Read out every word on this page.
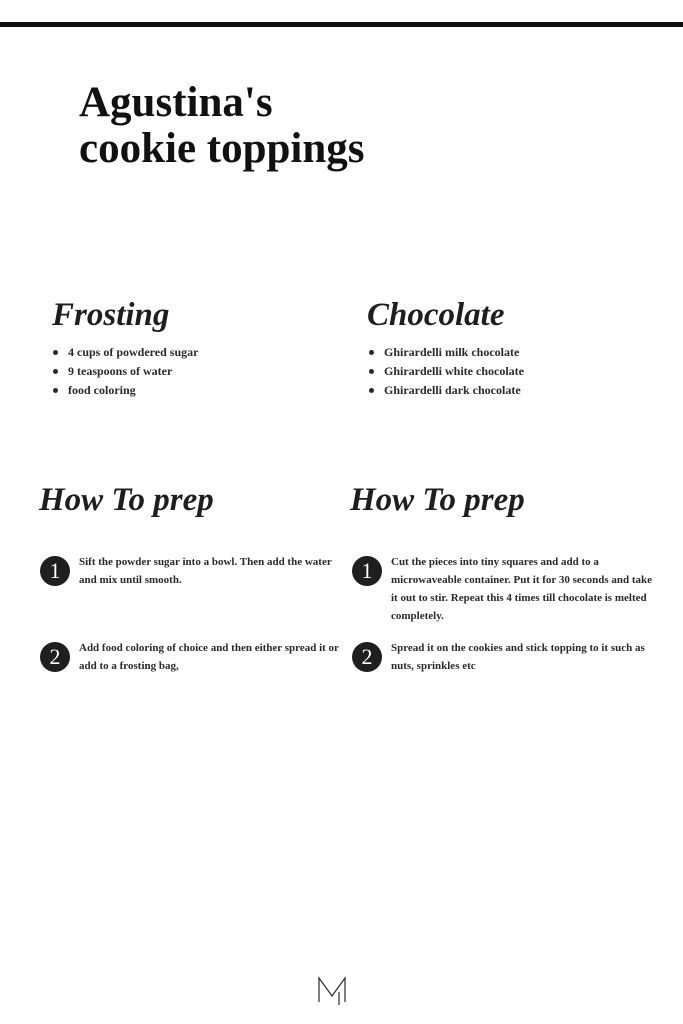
Agustina's
cookie toppings
Frosting
4 cups of powdered sugar
9 teaspoons of water
food coloring
Chocolate
Ghirardelli milk chocolate
Ghirardelli white chocolate
Ghirardelli dark chocolate
How To prep
1	Sift the powder sugar into a bowl. Then add the water and mix until smooth.

2	Add food coloring of choice and then either spread it or add to a frosting bag,

How To prep
1	Cut the pieces into tiny squares and add to a microwaveable container. Put it for 30 seconds and take it out to stir. Repeat this 4 times till chocolate is melted completely.

2	Spread it on the cookies and stick topping to it such as nuts, sprinkles etc
